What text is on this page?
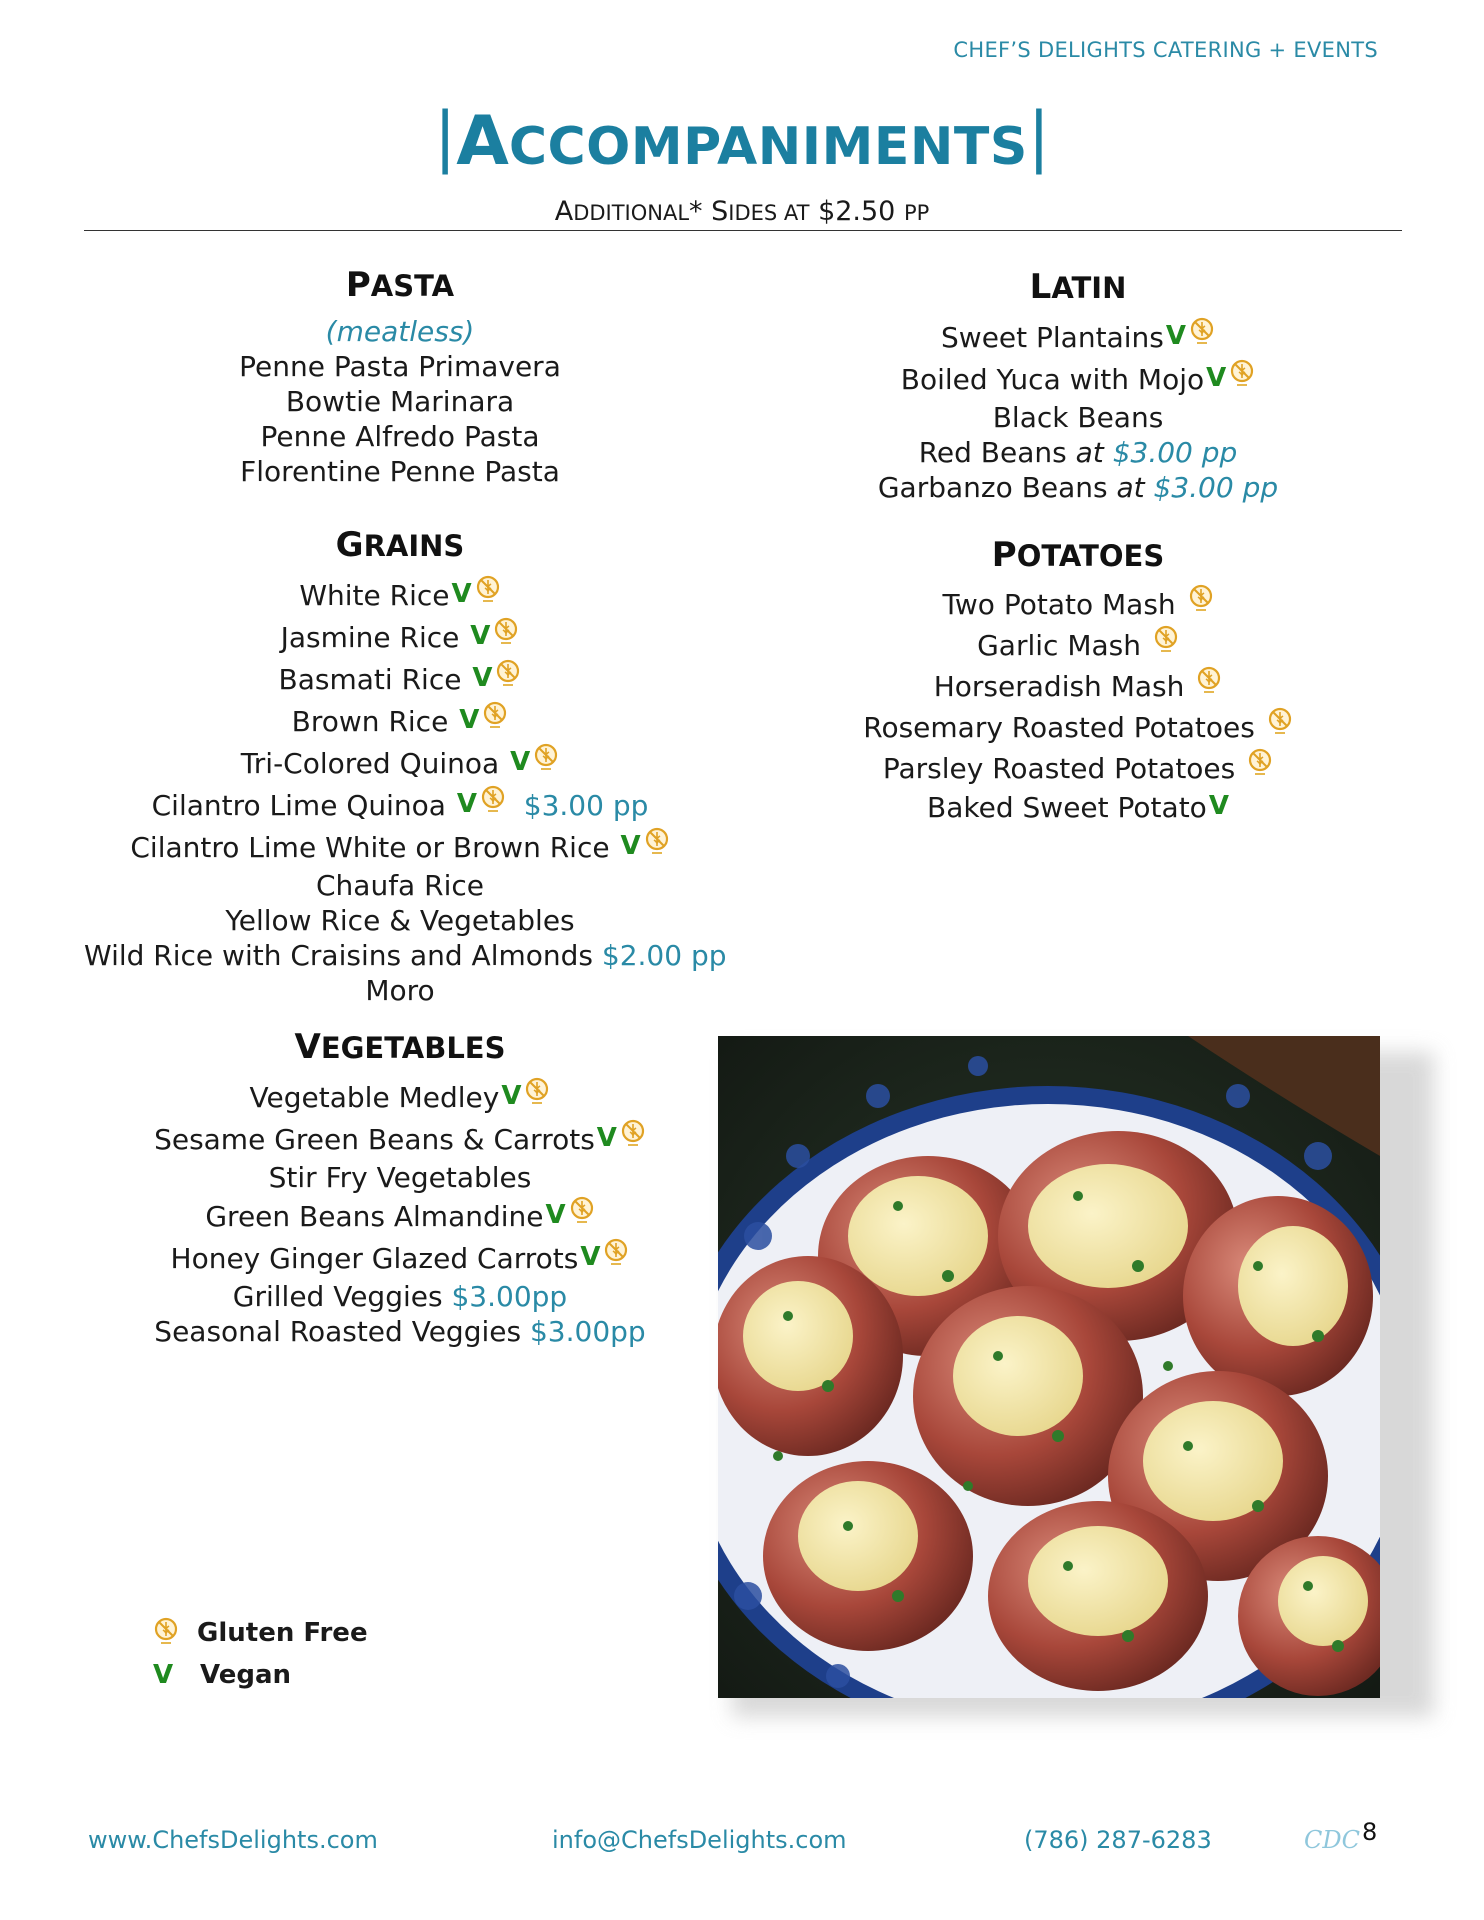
CHEF’S DELIGHTS CATERING + EVENTS
|ACCOMPANIMENTS|
ADDITIONAL* SIDES AT $2.50 PP
PASTA
(meatless)
Penne Pasta Primavera
Bowtie Marinara
Penne Alfredo Pasta
Florentine Penne Pasta
GRAINS
White RiceV
Jasmine Rice V
Basmati Rice V
Brown Rice V
Tri-Colored Quinoa V
Cilantro Lime Quinoa V $3.00 pp
Cilantro Lime White or Brown Rice V
Chaufa Rice
Yellow Rice & Vegetables
Wild Rice with Craisins and Almonds $2.00 pp
Moro
VEGETABLES
Vegetable MedleyV
Sesame Green Beans & CarrotsV
Stir Fry Vegetables
Green Beans AlmandineV
Honey Ginger Glazed CarrotsV
Grilled Veggies $3.00pp
Seasonal Roasted Veggies $3.00pp
LATIN
Sweet PlantainsV
Boiled Yuca with MojoV
Black Beans
Red Beans at $3.00 pp
Garbanzo Beans at $3.00 pp
POTATOES
Two Potato Mash
Garlic Mash
Horseradish Mash
Rosemary Roasted Potatoes
Parsley Roasted Potatoes
Baked Sweet PotatoV
Gluten Free
V Vegan
www.ChefsDelights.com	info@ChefsDelights.com	(786) 287-6283	CDC 8
